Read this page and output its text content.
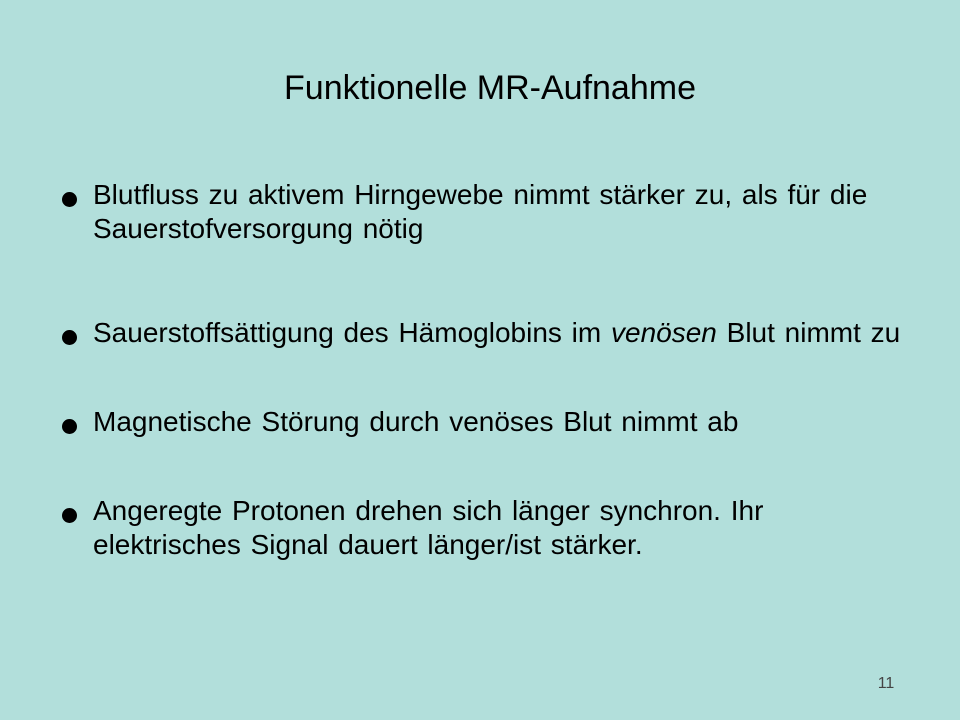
Funktionelle MR-Aufnahme
Blutfluss zu aktivem Hirngewebe nimmt stärker zu, als für die Sauerstofversorgung nötig
Sauerstoffsättigung des Hämoglobins im venösen Blut nimmt zu
Magnetische Störung durch venöses Blut nimmt ab
Angeregte Protonen drehen sich länger synchron. Ihr elektrisches Signal dauert länger/ist stärker.
11
